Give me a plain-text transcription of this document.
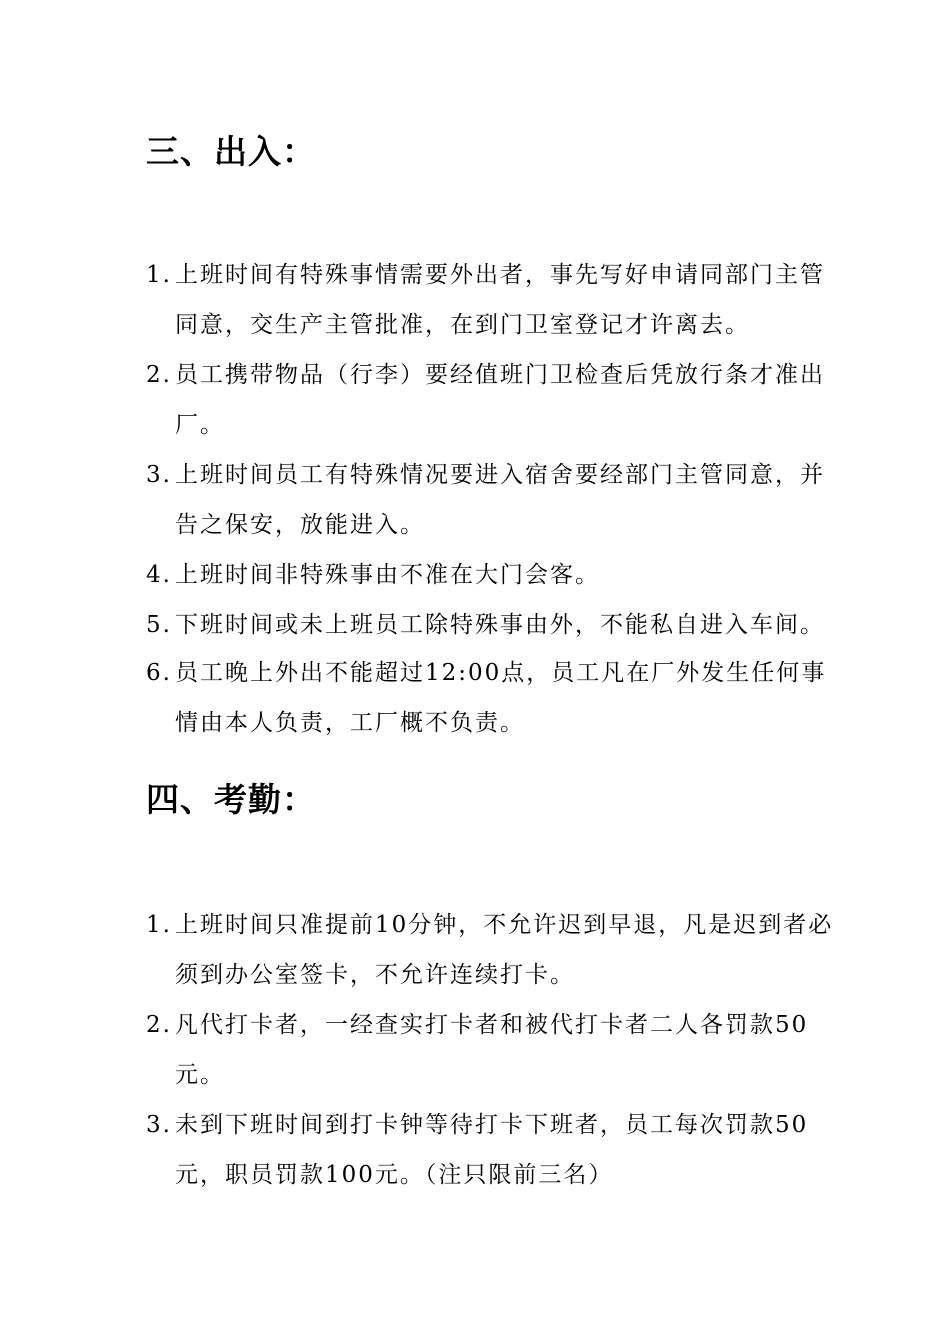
三、出入：
1. 上班时间有特殊事情需要外出者，事先写好申请同部门主管同意，交生产主管批准，在到门卫室登记才许离去。
2. 员工携带物品（行李）要经值班门卫检查后凭放行条才准出厂。
3. 上班时间员工有特殊情况要进入宿舍要经部门主管同意，并告之保安，放能进入。
4. 上班时间非特殊事由不准在大门会客。
5. 下班时间或未上班员工除特殊事由外，不能私自进入车间。
6. 员工晚上外出不能超过12:00点，员工凡在厂外发生任何事情由本人负责，工厂概不负责。
四、考勤：
1. 上班时间只准提前10分钟，不允许迟到早退，凡是迟到者必须到办公室签卡，不允许连续打卡。
2. 凡代打卡者，一经查实打卡者和被代打卡者二人各罚款50元。
3. 未到下班时间到打卡钟等待打卡下班者，员工每次罚款50元，职员罚款100元。（注只限前三名）
